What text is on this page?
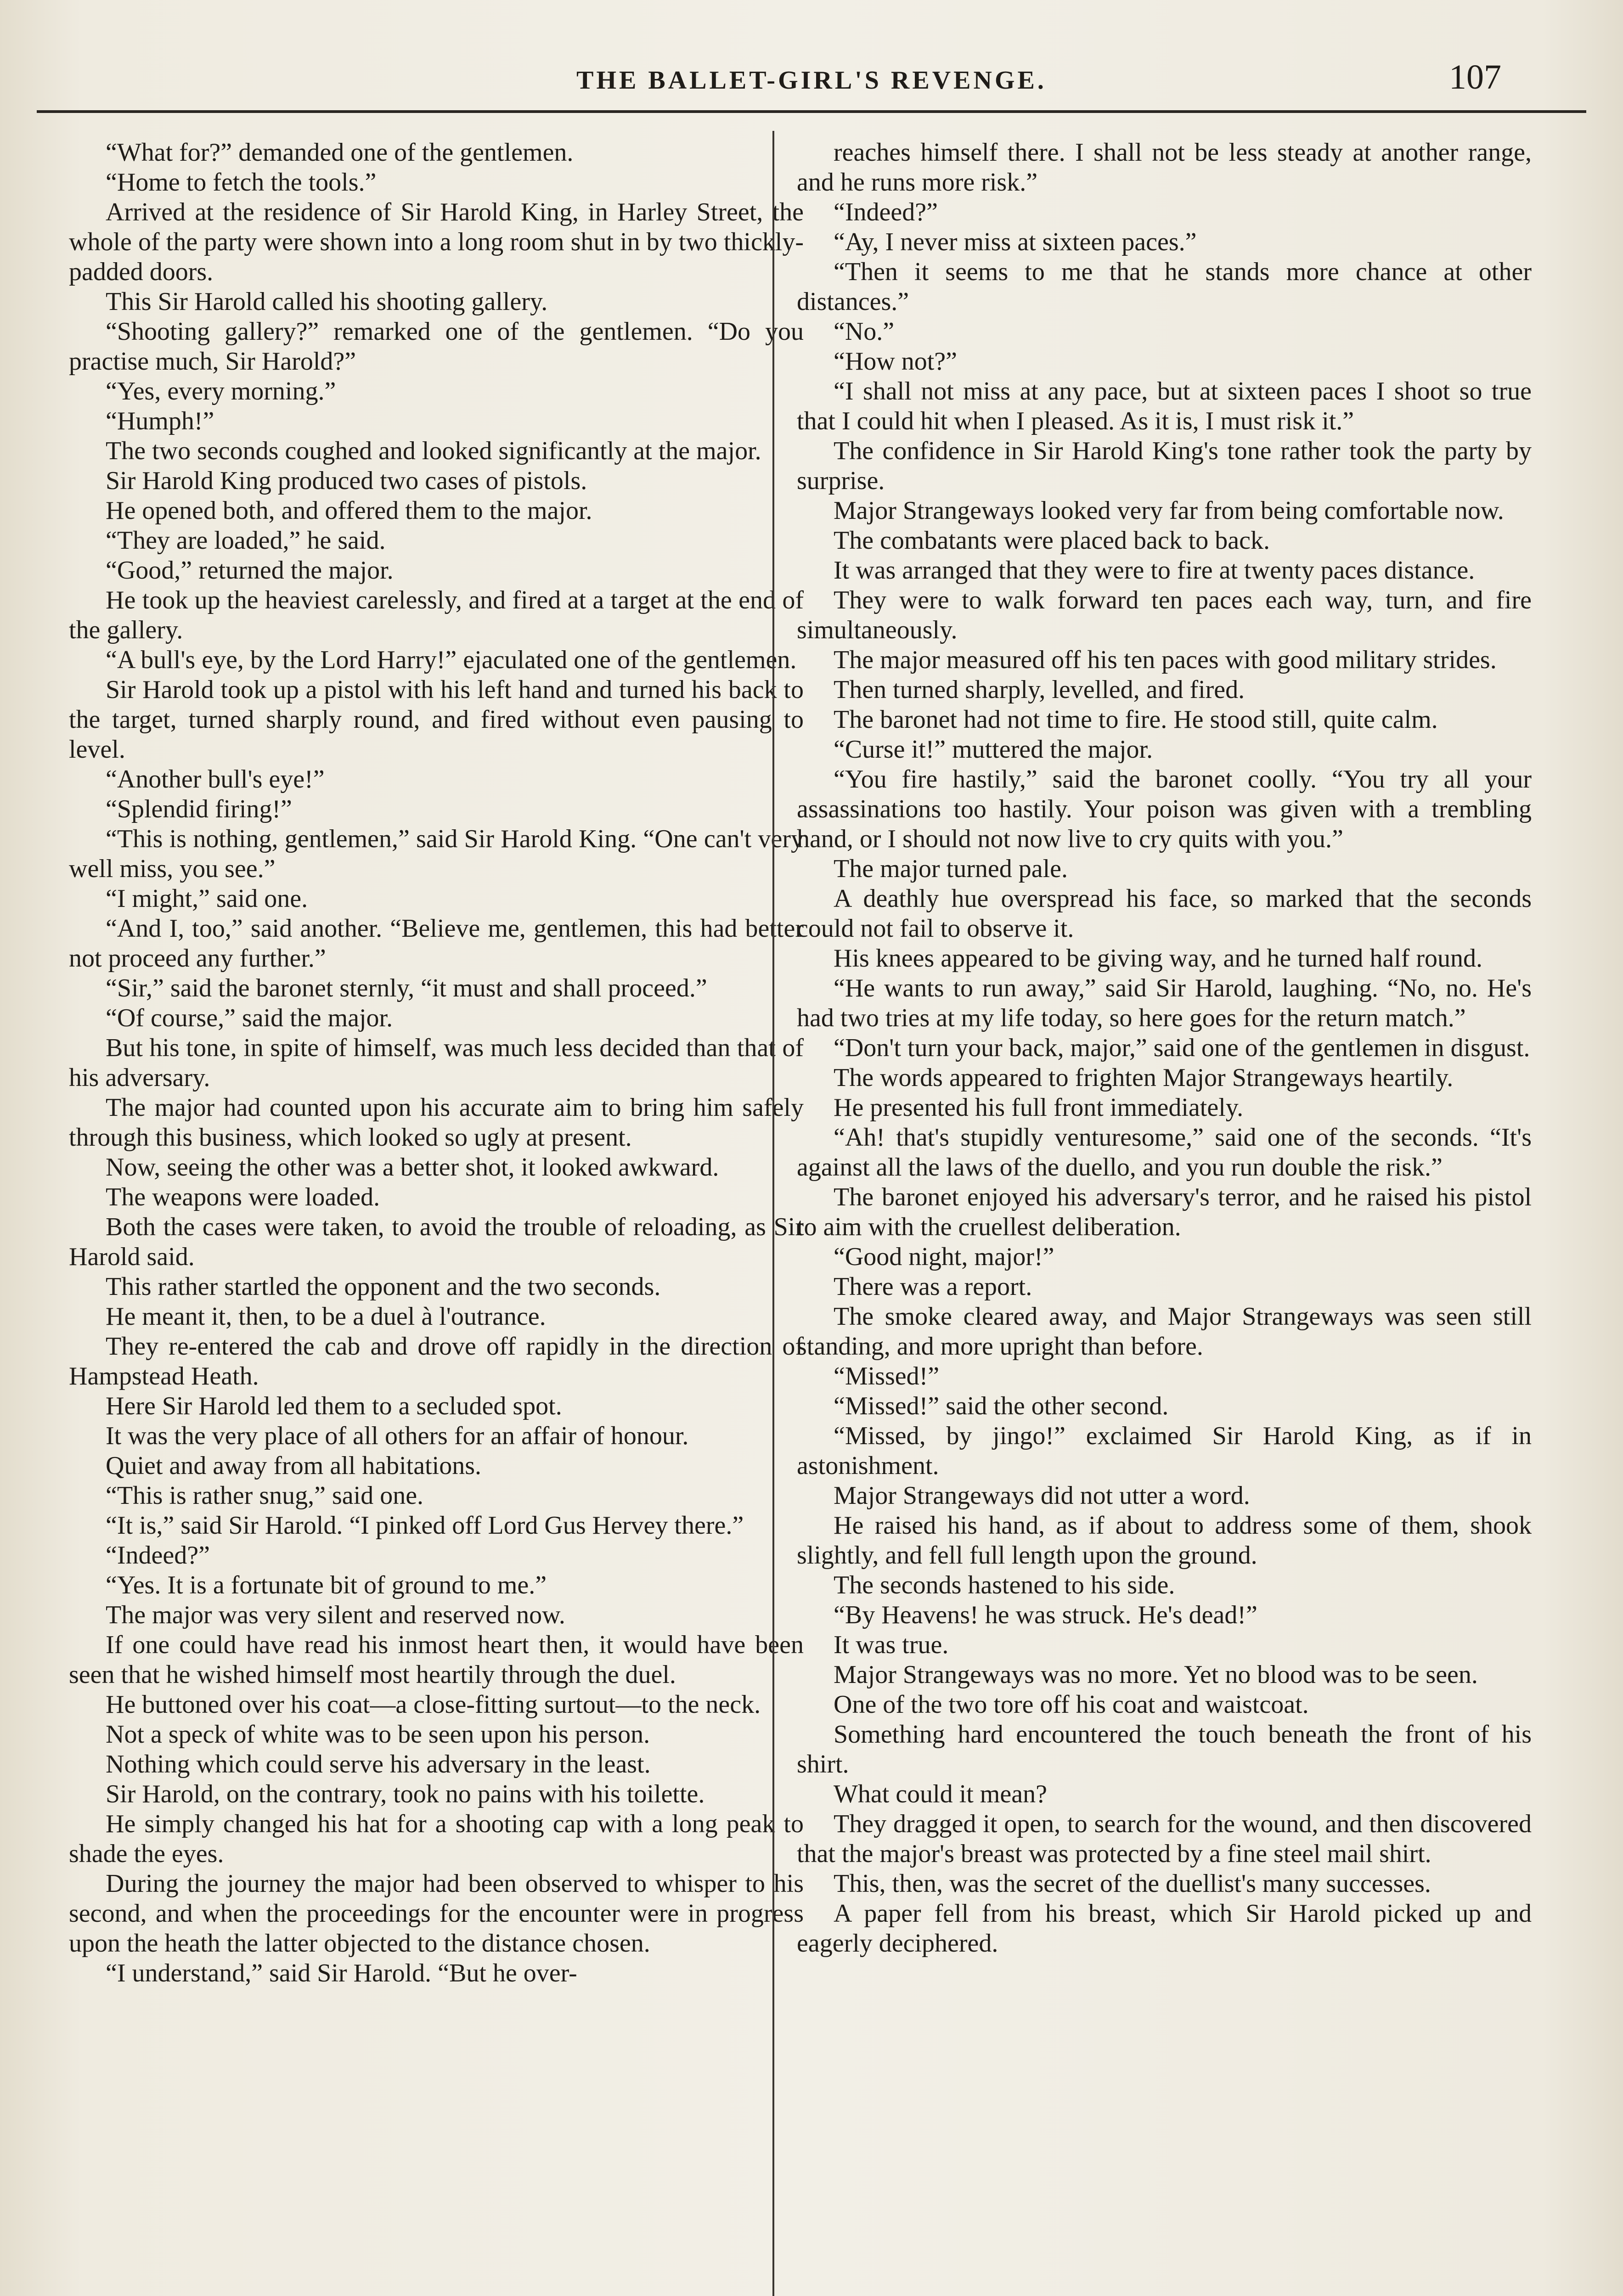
THE BALLET-GIRL'S REVENGE.	107

“What for?” demanded one of the gentlemen.

“Home to fetch the tools.”

Arrived at the residence of Sir Harold King, in Harley Street, the whole of the party were shown into a long room shut in by two thickly-padded doors.

This Sir Harold called his shooting gallery.

“Shooting gallery?” remarked one of the gentlemen. “Do you practise much, Sir Harold?”

“Yes, every morning.”

“Humph!”

The two seconds coughed and looked significantly at the major.

Sir Harold King produced two cases of pistols.

He opened both, and offered them to the major.

“They are loaded,” he said.

“Good,” returned the major.

He took up the heaviest carelessly, and fired at a target at the end of the gallery.

“A bull's eye, by the Lord Harry!” ejaculated one of the gentlemen.

Sir Harold took up a pistol with his left hand and turned his back to the target, turned sharply round, and fired without even pausing to level.

“Another bull's eye!”

“Splendid firing!”

“This is nothing, gentlemen,” said Sir Harold King. “One can't very well miss, you see.”

“I might,” said one.

“And I, too,” said another. “Believe me, gentlemen, this had better not proceed any further.”

“Sir,” said the baronet sternly, “it must and shall proceed.”

“Of course,” said the major.

But his tone, in spite of himself, was much less decided than that of his adversary.

The major had counted upon his accurate aim to bring him safely through this business, which looked so ugly at present.

Now, seeing the other was a better shot, it looked awkward.

The weapons were loaded.

Both the cases were taken, to avoid the trouble of reloading, as Sir Harold said.

This rather startled the opponent and the two seconds.

He meant it, then, to be a duel à l'outrance.

They re-entered the cab and drove off rapidly in the direction of Hampstead Heath.

Here Sir Harold led them to a secluded spot.

It was the very place of all others for an affair of honour.

Quiet and away from all habitations.

“This is rather snug,” said one.

“It is,” said Sir Harold. “I pinked off Lord Gus Hervey there.”

“Indeed?”

“Yes. It is a fortunate bit of ground to me.”

The major was very silent and reserved now.

If one could have read his inmost heart then, it would have been seen that he wished himself most heartily through the duel.

He buttoned over his coat—a close-fitting surtout—to the neck.

Not a speck of white was to be seen upon his person.

Nothing which could serve his adversary in the least.

Sir Harold, on the contrary, took no pains with his toilette.

He simply changed his hat for a shooting cap with a long peak to shade the eyes.

During the journey the major had been observed to whisper to his second, and when the proceedings for the encounter were in progress upon the heath the latter objected to the distance chosen.

“I understand,” said Sir Harold. “But he over-

reaches himself there. I shall not be less steady at another range, and he runs more risk.”

“Indeed?”

“Ay, I never miss at sixteen paces.”

“Then it seems to me that he stands more chance at other distances.”

“No.”

“How not?”

“I shall not miss at any pace, but at sixteen paces I shoot so true that I could hit when I pleased. As it is, I must risk it.”

The confidence in Sir Harold King's tone rather took the party by surprise.

Major Strangeways looked very far from being comfortable now.

The combatants were placed back to back.

It was arranged that they were to fire at twenty paces distance.

They were to walk forward ten paces each way, turn, and fire simultaneously.

The major measured off his ten paces with good military strides.

Then turned sharply, levelled, and fired.

The baronet had not time to fire. He stood still, quite calm.

“Curse it!” muttered the major.

“You fire hastily,” said the baronet coolly. “You try all your assassinations too hastily. Your poison was given with a trembling hand, or I should not now live to cry quits with you.”

The major turned pale.

A deathly hue overspread his face, so marked that the seconds could not fail to observe it.

His knees appeared to be giving way, and he turned half round.

“He wants to run away,” said Sir Harold, laughing. “No, no. He's had two tries at my life today, so here goes for the return match.”

“Don't turn your back, major,” said one of the gentlemen in disgust.

The words appeared to frighten Major Strangeways heartily.

He presented his full front immediately.

“Ah! that's stupidly venturesome,” said one of the seconds. “It's against all the laws of the duello, and you run double the risk.”

The baronet enjoyed his adversary's terror, and he raised his pistol to aim with the cruellest deliberation.

“Good night, major!”

There was a report.

The smoke cleared away, and Major Strangeways was seen still standing, and more upright than before.

“Missed!”

“Missed!” said the other second.

“Missed, by jingo!” exclaimed Sir Harold King, as if in astonishment.

Major Strangeways did not utter a word.

He raised his hand, as if about to address some of them, shook slightly, and fell full length upon the ground.

The seconds hastened to his side.

“By Heavens! he was struck. He's dead!”

It was true.

Major Strangeways was no more. Yet no blood was to be seen.

One of the two tore off his coat and waistcoat.

Something hard encountered the touch beneath the front of his shirt.

What could it mean?

They dragged it open, to search for the wound, and then discovered that the major's breast was protected by a fine steel mail shirt.

This, then, was the secret of the duellist's many successes.

A paper fell from his breast, which Sir Harold picked up and eagerly deciphered.
